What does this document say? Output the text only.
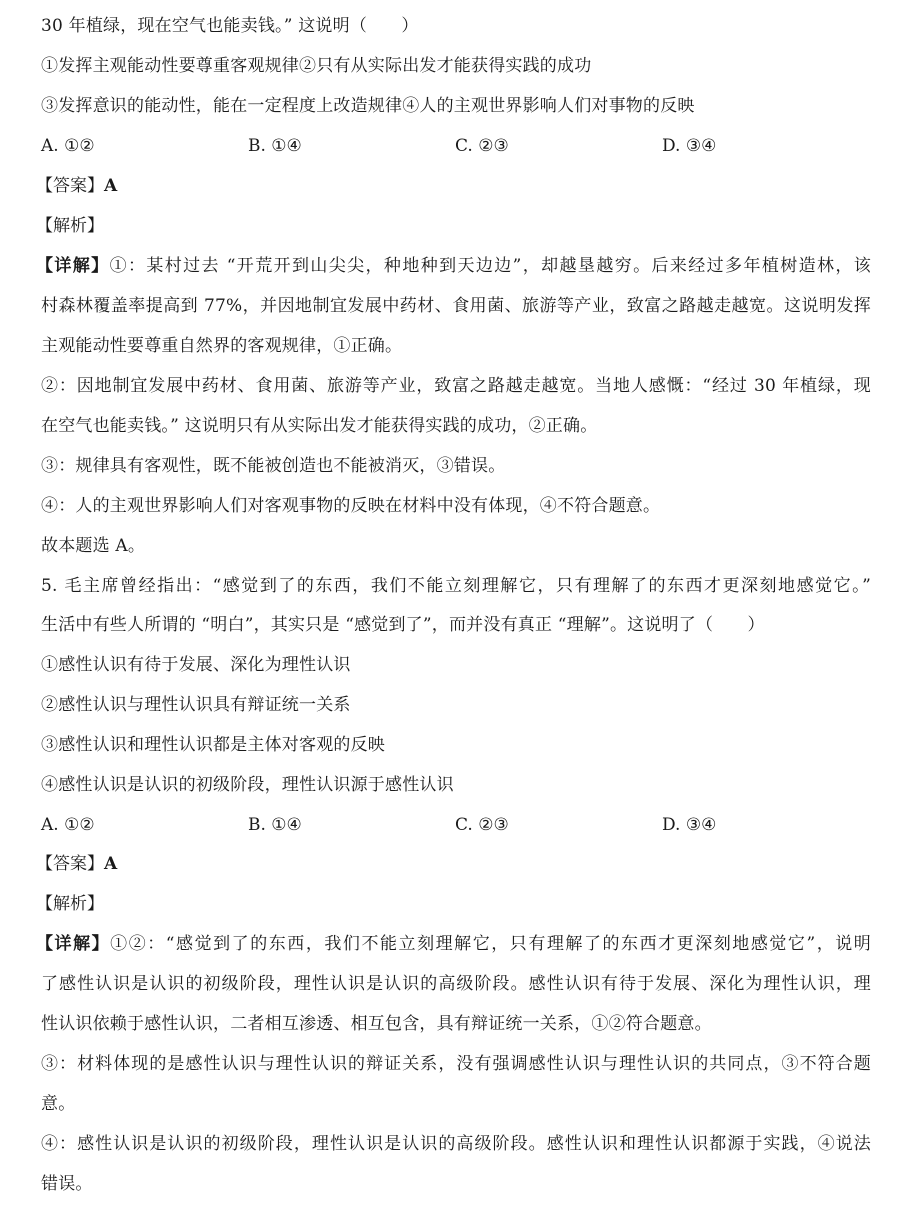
30 年植绿，现在空气也能卖钱。” 这说明（　　）
①发挥主观能动性要尊重客观规律②只有从实际出发才能获得实践的成功
③发挥意识的能动性，能在一定程度上改造规律④人的主观世界影响人们对事物的反映
A. ①②	B. ①④	C. ②③	D. ③④
【答案】A
【解析】
【详解】①：某村过去 “开荒开到山尖尖，种地种到天边边”，却越垦越穷。后来经过多年植树造林，该
村森林覆盖率提高到 77%，并因地制宜发展中药材、食用菌、旅游等产业，致富之路越走越宽。这说明发挥
主观能动性要尊重自然界的客观规律，①正确。
②：因地制宜发展中药材、食用菌、旅游等产业，致富之路越走越宽。当地人感慨：“经过 30 年植绿，现
在空气也能卖钱。” 这说明只有从实际出发才能获得实践的成功，②正确。
③：规律具有客观性，既不能被创造也不能被消灭，③错误。
④：人的主观世界影响人们对客观事物的反映在材料中没有体现，④不符合题意。
故本题选 A。
5. 毛主席曾经指出：“感觉到了的东西，我们不能立刻理解它，只有理解了的东西才更深刻地感觉它。”
生活中有些人所谓的 “明白”，其实只是 “感觉到了”，而并没有真正 “理解”。这说明了（　　）
①感性认识有待于发展、深化为理性认识
②感性认识与理性认识具有辩证统一关系
③感性认识和理性认识都是主体对客观的反映
④感性认识是认识的初级阶段，理性认识源于感性认识
A. ①②	B. ①④	C. ②③	D. ③④
【答案】A
【解析】
【详解】①②：“感觉到了的东西，我们不能立刻理解它，只有理解了的东西才更深刻地感觉它”，说明
了感性认识是认识的初级阶段，理性认识是认识的高级阶段。感性认识有待于发展、深化为理性认识，理
性认识依赖于感性认识，二者相互渗透、相互包含，具有辩证统一关系，①②符合题意。
③：材料体现的是感性认识与理性认识的辩证关系，没有强调感性认识与理性认识的共同点，③不符合题
意。
④：感性认识是认识的初级阶段，理性认识是认识的高级阶段。感性认识和理性认识都源于实践，④说法
错误。
